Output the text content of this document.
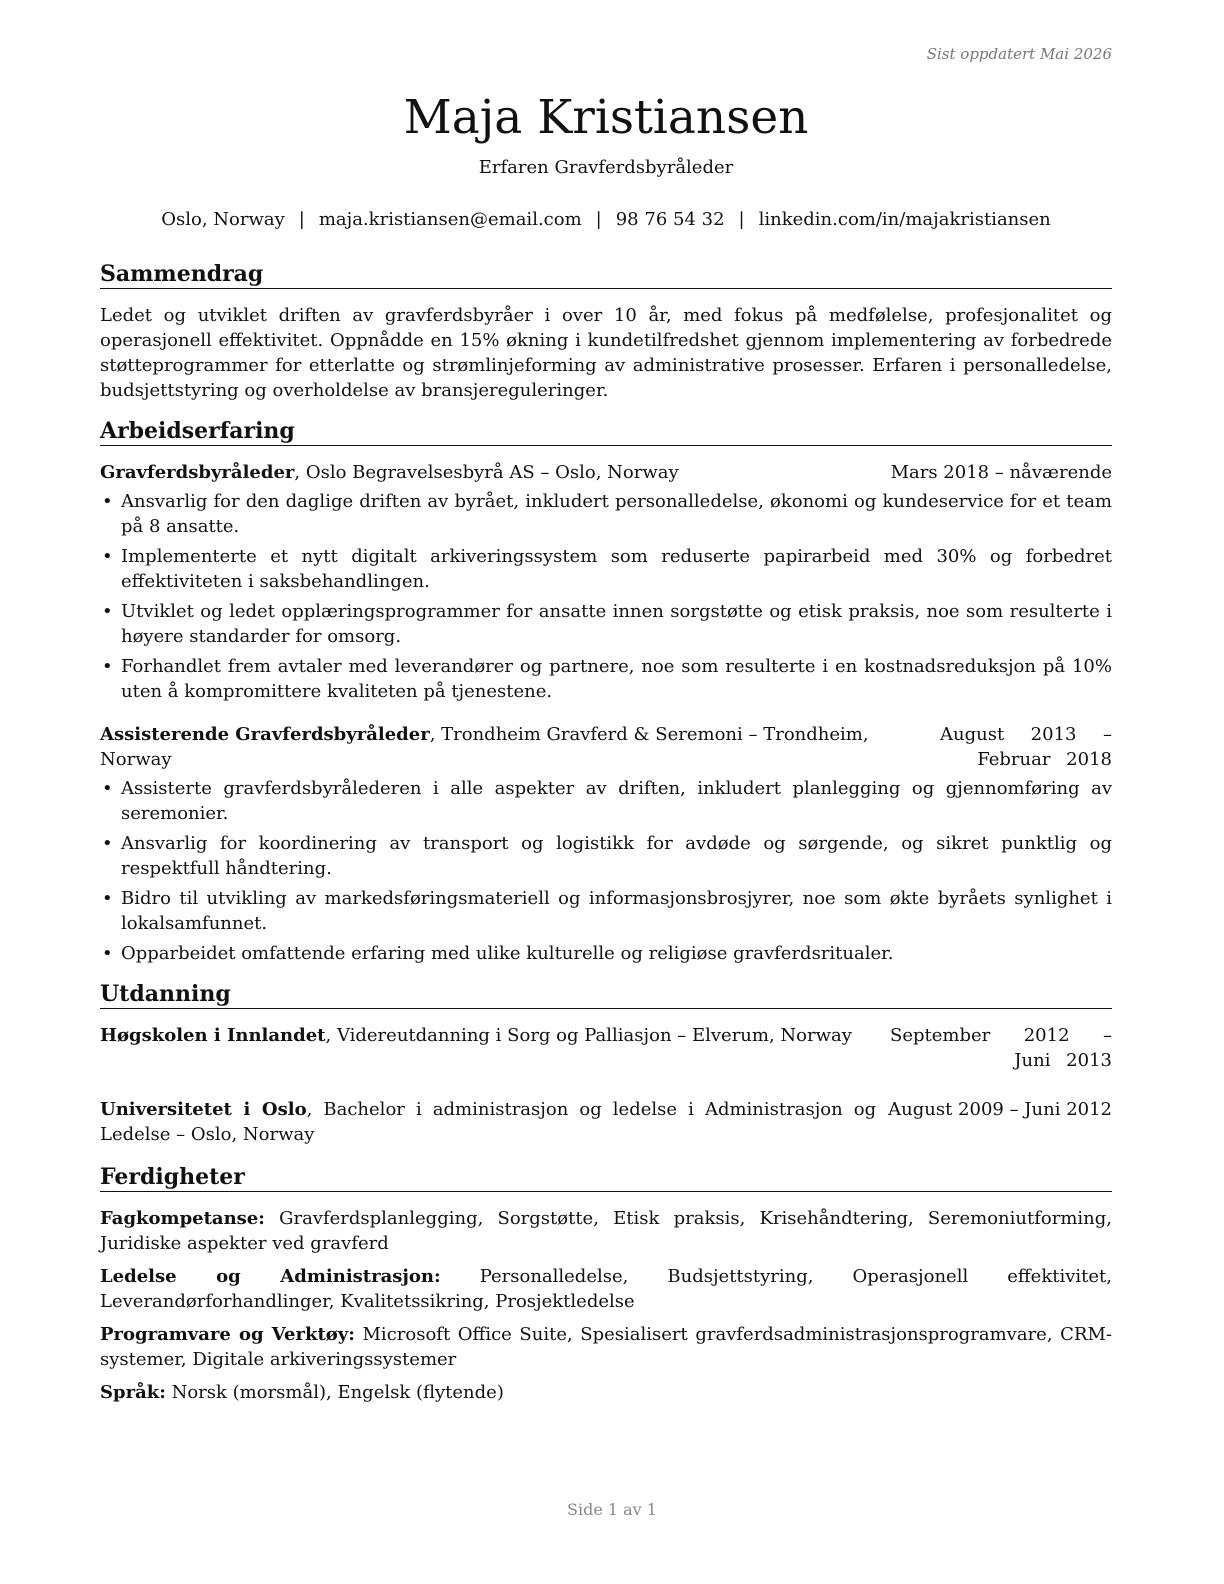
Sist oppdatert Mai 2026
Maja Kristiansen
Erfaren Gravferdsbyråleder
Oslo, Norway | maja.kristiansen@email.com | 98 76 54 32 | linkedin.com/in/majakristiansen
Sammendrag
Ledet og utviklet driften av gravferdsbyråer i over 10 år, med fokus på medfølelse, profesjonalitet og operasjonell effektivitet. Oppnådde en 15% økning i kundetilfredshet gjennom implementering av forbedrede støtteprogrammer for etterlatte og strømlinjeforming av administrative prosesser. Erfaren i personalledelse, budsjettstyring og overholdelse av bransjereguleringer.
Arbeidserfaring
Gravferdsbyråleder, Oslo Begravelsesbyrå AS – Oslo, Norway	Mars 2018 – nåværende
• Ansvarlig for den daglige driften av byrået, inkludert personalledelse, økonomi og kundeservice for et team på 8 ansatte.
• Implementerte et nytt digitalt arkiveringssystem som reduserte papirarbeid med 30% og forbedret effektiviteten i saksbehandlingen.
• Utviklet og ledet opplæringsprogrammer for ansatte innen sorgstøtte og etisk praksis, noe som resulterte i høyere standarder for omsorg.
• Forhandlet frem avtaler med leverandører og partnere, noe som resulterte i en kostnadsreduksjon på 10% uten å kompromittere kvaliteten på tjenestene.
Assisterende Gravferdsbyråleder, Trondheim Gravferd & Seremoni – Trondheim, Norway
August 2013 – Februar 2018
• Assisterte gravferdsbyrålederen i alle aspekter av driften, inkludert planlegging og gjennomføring av seremonier.
• Ansvarlig for koordinering av transport og logistikk for avdøde og sørgende, og sikret punktlig og respektfull håndtering.
• Bidro til utvikling av markedsføringsmateriell og informasjonsbrosjyrer, noe som økte byråets synlighet i lokalsamfunnet.
• Opparbeidet omfattende erfaring med ulike kulturelle og religiøse gravferdsritualer.
Utdanning
Høgskolen i Innlandet, Videreutdanning i Sorg og Palliasjon – Elverum, Norway	September 2012 – Juni 2013
Universitetet i Oslo, Bachelor i administrasjon og ledelse i Administrasjon og Ledelse – Oslo, Norway
August 2009 – Juni 2012
Ferdigheter
Fagkompetanse: Gravferdsplanlegging, Sorgstøtte, Etisk praksis, Krisehåndtering, Seremoniutforming, Juridiske aspekter ved gravferd
Ledelse og Administrasjon: Personalledelse, Budsjettstyring, Operasjonell effektivitet, Leverandørforhandlinger, Kvalitetssikring, Prosjektledelse
Programvare og Verktøy: Microsoft Office Suite, Spesialisert gravferdsadministrasjonsprogramvare, CRM-systemer, Digitale arkiveringssystemer
Språk: Norsk (morsmål), Engelsk (flytende)
Side 1 av 1
